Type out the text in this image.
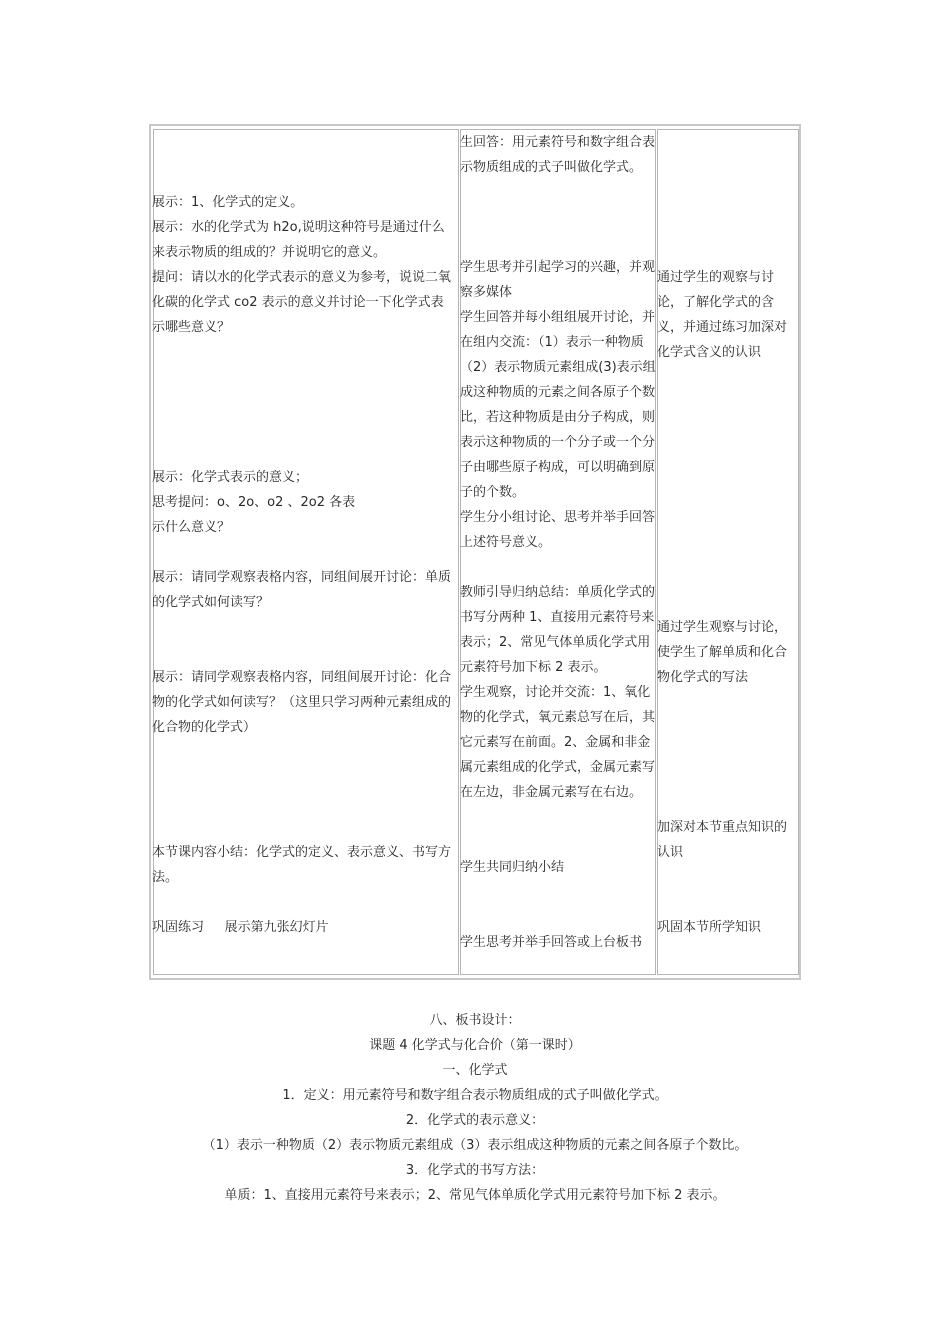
展示：1、化学式的定义。
展示：水的化学式为 h2o,说明这种符号是通过什么来表示物质的组成的？并说明它的意义。
提问：请以水的化学式表示的意义为参考，说说二氧化碳的化学式 co2 表示的意义并讨论一下化学式表示哪些意义？
展示：化学式表示的意义；
思考提问：o、2o、o2 、2o2 各表
示什么意义？
展示：请同学观察表格内容，同组间展开讨论：单质的化学式如何读写？
展示：请同学观察表格内容，同组间展开讨论：化合物的化学式如何读写？（这里只学习两种元素组成的化合物的化学式）
本节课内容小结：化学式的定义、表示意义、书写方法。
巩固练习     展示第九张幻灯片
生回答：用元素符号和数字组合表示物质组成的式子叫做化学式。
学生思考并引起学习的兴趣，并观察多媒体
学生回答并每小组组展开讨论，并在组内交流：（1）表示一种物质（2）表示物质元素组成(3)表示组成这种物质的元素之间各原子个数比，若这种物质是由分子构成，则表示这种物质的一个分子或一个分子由哪些原子构成，可以明确到原子的个数。
学生分小组讨论、思考并举手回答上述符号意义。
教师引导归纳总结：单质化学式的书写分两种 1、直接用元素符号来表示；2、常见气体单质化学式用元素符号加下标 2 表示。
学生观察，讨论并交流：1、氧化物的化学式，氧元素总写在后，其它元素写在前面。2、金属和非金属元素组成的化学式，金属元素写在左边，非金属元素写在右边。
学生共同归纳小结
学生思考并举手回答或上台板书
通过学生的观察与讨论，了解化学式的含义，并通过练习加深对化学式含义的认识
通过学生观察与讨论，使学生了解单质和化合物化学式的写法
加深对本节重点知识的认识
巩固本节所学知识
八、板书设计：
课题 4 化学式与化合价（第一课时）
一、化学式
1．定义：用元素符号和数字组合表示物质组成的式子叫做化学式。
2．化学式的表示意义：
（1）表示一种物质（2）表示物质元素组成（3）表示组成这种物质的元素之间各原子个数比。
3．化学式的书写方法：
单质：1、直接用元素符号来表示；2、常见气体单质化学式用元素符号加下标 2 表示。
